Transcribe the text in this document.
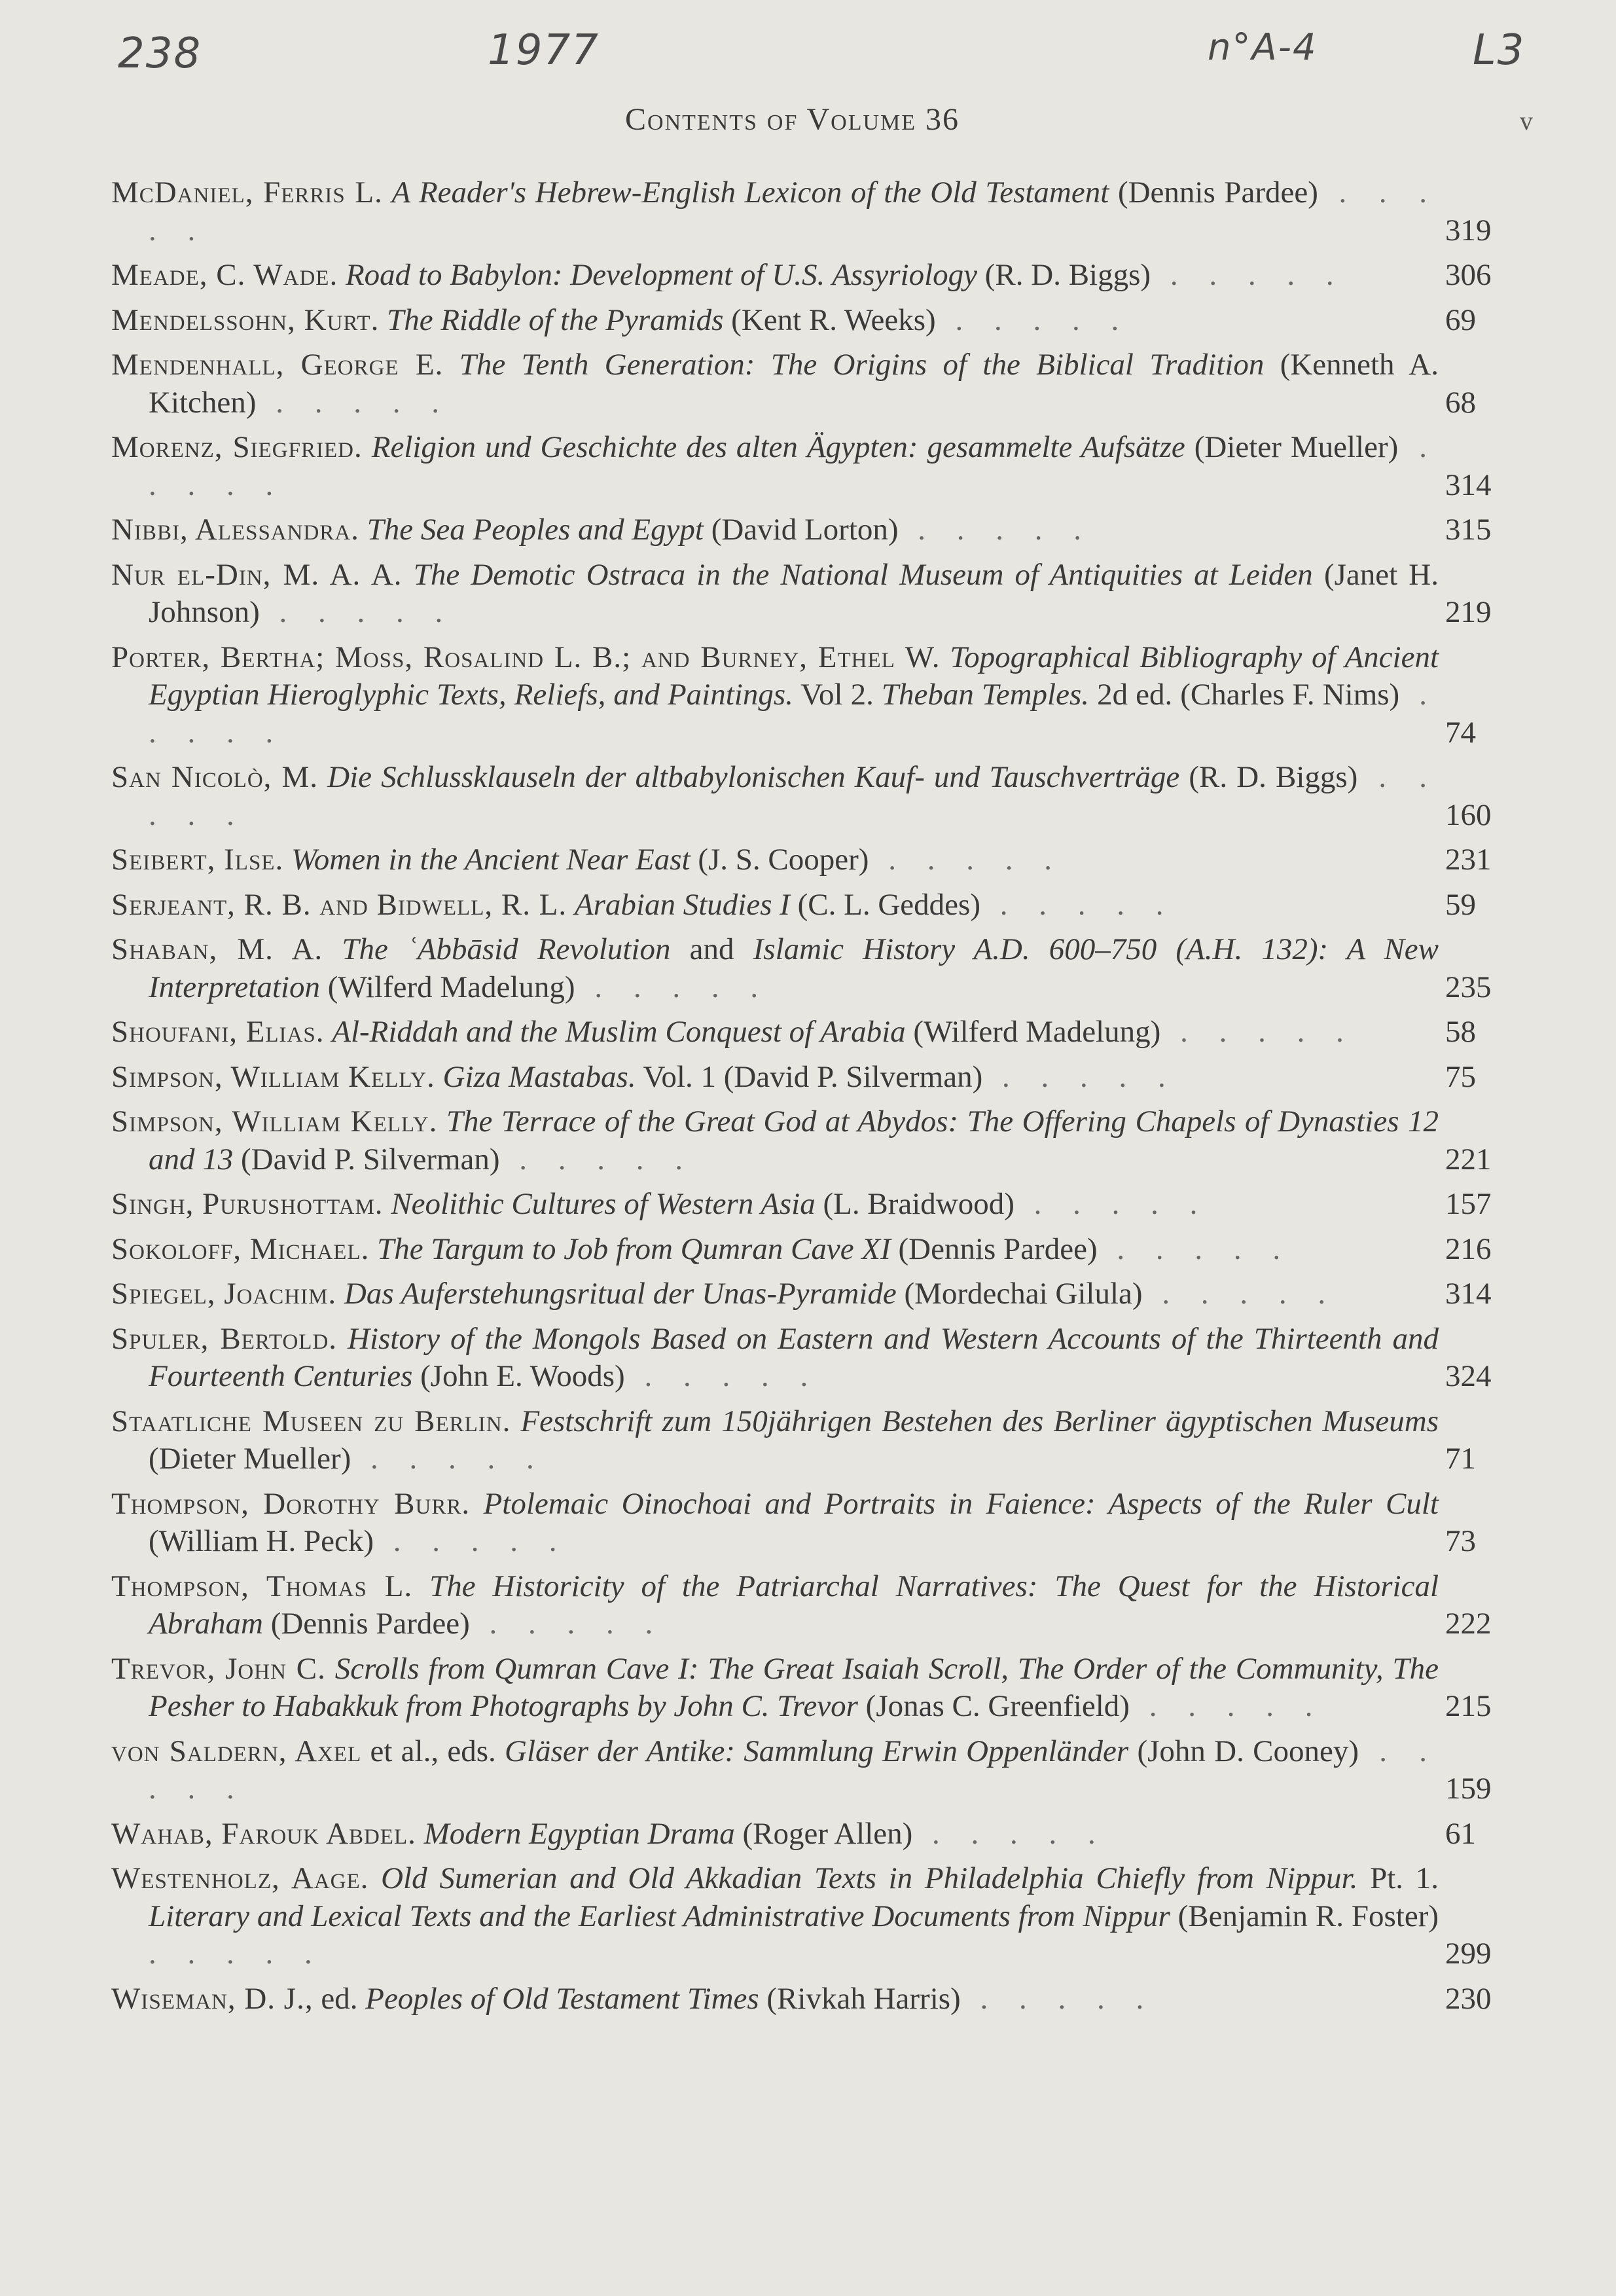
238	1977	n°A-4	L3
Contents of Volume 36	v
McDaniel, Ferris L. A Reader's Hebrew-English Lexicon of the Old Testament (Dennis Pardee) . . . . .	319
Meade, C. Wade. Road to Babylon: Development of U.S. Assyriology (R. D. Biggs) . . . . .	306
Mendelssohn, Kurt. The Riddle of the Pyramids (Kent R. Weeks) . . . . .	69
Mendenhall, George E. The Tenth Generation: The Origins of the Biblical Tradition (Kenneth A. Kitchen) . . . . .	68
Morenz, Siegfried. Religion und Geschichte des alten Ägypten: gesammelte Aufsätze (Dieter Mueller) . . . . .	314
Nibbi, Alessandra. The Sea Peoples and Egypt (David Lorton) . . . . .	315
Nur el-Din, M. A. A. The Demotic Ostraca in the National Museum of Antiquities at Leiden (Janet H. Johnson) . . . . .	219
Porter, Bertha; Moss, Rosalind L. B.; and Burney, Ethel W. Topographical Bibliography of Ancient Egyptian Hieroglyphic Texts, Reliefs, and Paintings. Vol 2. Theban Temples. 2d ed. (Charles F. Nims) . . . . .	74
San Nicolò, M. Die Schlussklauseln der altbabylonischen Kauf- und Tauschverträge (R. D. Biggs) . . . . .	160
Seibert, Ilse. Women in the Ancient Near East (J. S. Cooper) . . . . .	231
Serjeant, R. B. and Bidwell, R. L. Arabian Studies I (C. L. Geddes) . . . . .	59
Shaban, M. A. The ʿAbbāsid Revolution and Islamic History A.D. 600–750 (A.H. 132): A New Interpretation (Wilferd Madelung) . . . . .	235
Shoufani, Elias. Al-Riddah and the Muslim Conquest of Arabia (Wilferd Madelung) . . . . .	58
Simpson, William Kelly. Giza Mastabas. Vol. 1 (David P. Silverman) . . . . .	75
Simpson, William Kelly. The Terrace of the Great God at Abydos: The Offering Chapels of Dynasties 12 and 13 (David P. Silverman) . . . . .	221
Singh, Purushottam. Neolithic Cultures of Western Asia (L. Braidwood) . . . . .	157
Sokoloff, Michael. The Targum to Job from Qumran Cave XI (Dennis Pardee) . . . . .	216
Spiegel, Joachim. Das Auferstehungsritual der Unas-Pyramide (Mordechai Gilula) . . . . .	314
Spuler, Bertold. History of the Mongols Based on Eastern and Western Accounts of the Thirteenth and Fourteenth Centuries (John E. Woods) . . . . .	324
Staatliche Museen zu Berlin. Festschrift zum 150jährigen Bestehen des Berliner ägyptischen Museums (Dieter Mueller) . . . . .	71
Thompson, Dorothy Burr. Ptolemaic Oinochoai and Portraits in Faience: Aspects of the Ruler Cult (William H. Peck) . . . . .	73
Thompson, Thomas L. The Historicity of the Patriarchal Narratives: The Quest for the Historical Abraham (Dennis Pardee) . . . . .	222
Trevor, John C. Scrolls from Qumran Cave I: The Great Isaiah Scroll, The Order of the Community, The Pesher to Habakkuk from Photographs by John C. Trevor (Jonas C. Greenfield) . . . . .	215
von Saldern, Axel et al., eds. Gläser der Antike: Sammlung Erwin Oppenländer (John D. Cooney) . . . . .	159
Wahab, Farouk Abdel. Modern Egyptian Drama (Roger Allen) . . . . .	61
Westenholz, Aage. Old Sumerian and Old Akkadian Texts in Philadelphia Chiefly from Nippur. Pt. 1. Literary and Lexical Texts and the Earliest Administrative Documents from Nippur (Benjamin R. Foster) . . . . .	299
Wiseman, D. J., ed. Peoples of Old Testament Times (Rivkah Harris) . . . . .	230
